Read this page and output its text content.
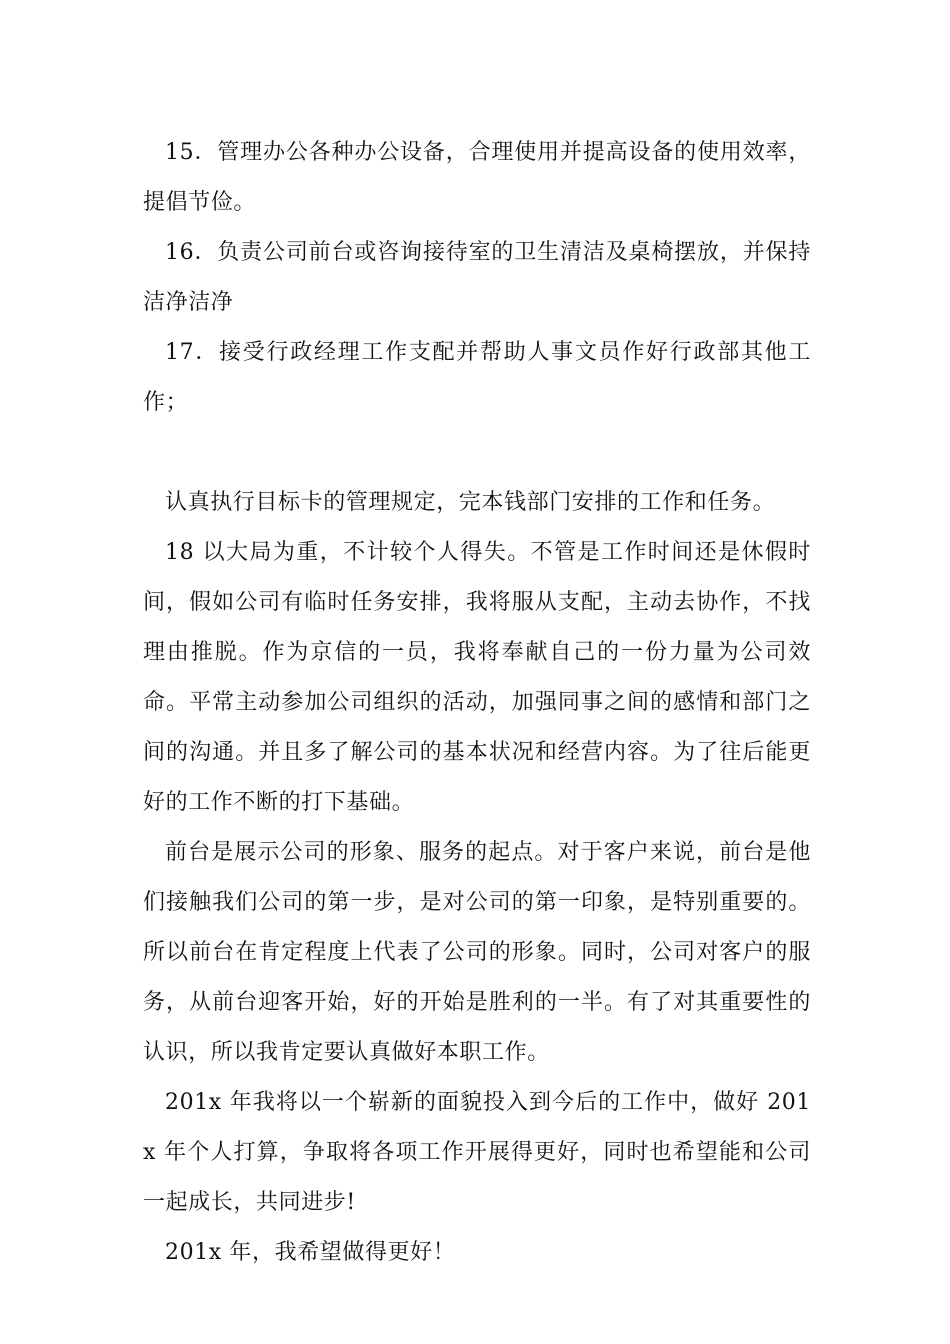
15．管理办公各种办公设备，合理使用并提高设备的使用效率，提倡节俭。

16．负责公司前台或咨询接待室的卫生清洁及桌椅摆放，并保持洁净洁净

17．接受行政经理工作支配并帮助人事文员作好行政部其他工作；

认真执行目标卡的管理规定，完本钱部门安排的工作和任务。

18 以大局为重，不计较个人得失。不管是工作时间还是休假时间，假如公司有临时任务安排，我将服从支配，主动去协作，不找理由推脱。作为京信的一员，我将奉献自己的一份力量为公司效命。平常主动参加公司组织的活动，加强同事之间的感情和部门之间的沟通。并且多了解公司的基本状况和经营内容。为了往后能更好的工作不断的打下基础。

前台是展示公司的形象、服务的起点。对于客户来说，前台是他们接触我们公司的第一步，是对公司的第一印象，是特别重要的。所以前台在肯定程度上代表了公司的形象。同时，公司对客户的服务，从前台迎客开始，好的开始是胜利的一半。有了对其重要性的认识，所以我肯定要认真做好本职工作。

201x 年我将以一个崭新的面貌投入到今后的工作中，做好 201x 年个人打算，争取将各项工作开展得更好，同时也希望能和公司一起成长，共同进步!

201x 年，我希望做得更好！
